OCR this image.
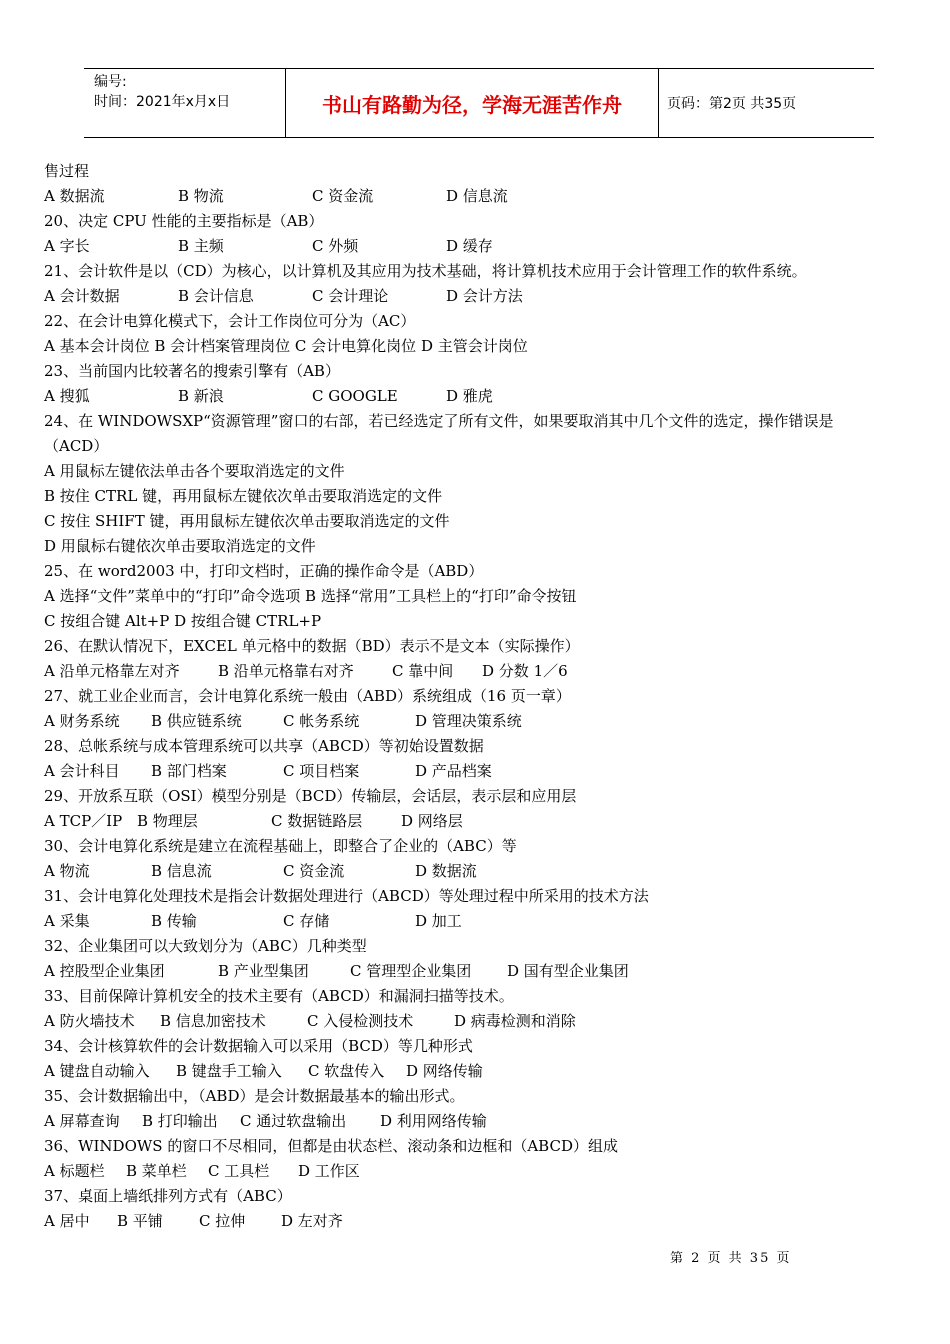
编号:
时间：2021年x月x日	书山有路勤为径，学海无涯苦作舟	页码：第2页 共35页
售过程
A 数据流	B 物流	C 资金流	D 信息流
20、决定 CPU 性能的主要指标是（AB）
A 字长	B 主频	C 外频	D 缓存
21、会计软件是以（CD）为核心，以计算机及其应用为技术基础，将计算机技术应用于会计管理工作的软件系统。
A 会计数据	B 会计信息	C 会计理论	D 会计方法
22、在会计电算化模式下，会计工作岗位可分为（AC）
A 基本会计岗位 B 会计档案管理岗位 C 会计电算化岗位 D 主管会计岗位
23、当前国内比较著名的搜索引擎有（AB）
A 搜狐	B 新浪	C GOOGLE	D 雅虎
24、在 WINDOWSXP“资源管理”窗口的右部，若已经选定了所有文件，如果要取消其中几个文件的选定，操作错误是
（ACD）
A 用鼠标左键依法单击各个要取消选定的文件
B 按住 CTRL 键，再用鼠标左键依次单击要取消选定的文件
C 按住 SHIFT 键，再用鼠标左键依次单击要取消选定的文件
D 用鼠标右键依次单击要取消选定的文件
25、在 word2003 中，打印文档时，正确的操作命令是（ABD）
A 选择“文件”菜单中的“打印”命令选项 B 选择“常用”工具栏上的“打印”命令按钮
C 按组合键 Alt+P D 按组合键 CTRL+P
26、在默认情况下，EXCEL 单元格中的数据（BD）表示不是文本（实际操作）
A 沿单元格靠左对齐	B 沿单元格靠右对齐	C 靠中间 D 分数 1／6
27、就工业企业而言，会计电算化系统一般由（ABD）系统组成（16 页一章）
A 财务系统 B 供应链系统	C 帐务系统	D 管理决策系统
28、总帐系统与成本管理系统可以共享（ABCD）等初始设置数据
A 会计科目 B 部门档案	C 项目档案	D 产品档案
29、开放系互联（OSI）模型分别是（BCD）传输层，会话层，表示层和应用层
A TCP／IP B 物理层	C 数据链路层	D 网络层
30、会计电算化系统是建立在流程基础上，即整合了企业的（ABC）等
A 物流	B 信息流	C 资金流	D 数据流
31、会计电算化处理技术是指会计数据处理进行（ABCD）等处理过程中所采用的技术方法
A 采集	B 传输	C 存储	D 加工
32、企业集团可以大致划分为（ABC）几种类型
A 控股型企业集团	B 产业型集团	C 管理型企业集团 D 国有型企业集团
33、目前保障计算机安全的技术主要有（ABCD）和漏洞扫描等技术。
A 防火墙技术 B 信息加密技术	C 入侵检测技术	D 病毒检测和消除
34、会计核算软件的会计数据输入可以采用（BCD）等几种形式
A 键盘自动输入 B 键盘手工输入 C 软盘传入 D 网络传输
35、会计数据输出中，（ABD）是会计数据最基本的输出形式。
A 屏幕查询 B 打印输出 C 通过软盘输出 D 利用网络传输
36、WINDOWS 的窗口不尽相同，但都是由状态栏、滚动条和边框和（ABCD）组成
A 标题栏 B 菜单栏 C 工具栏 D 工作区
37、桌面上墙纸排列方式有（ABC）
A 居中 B 平铺 C 拉伸 D 左对齐
第 2 页 共 35 页
